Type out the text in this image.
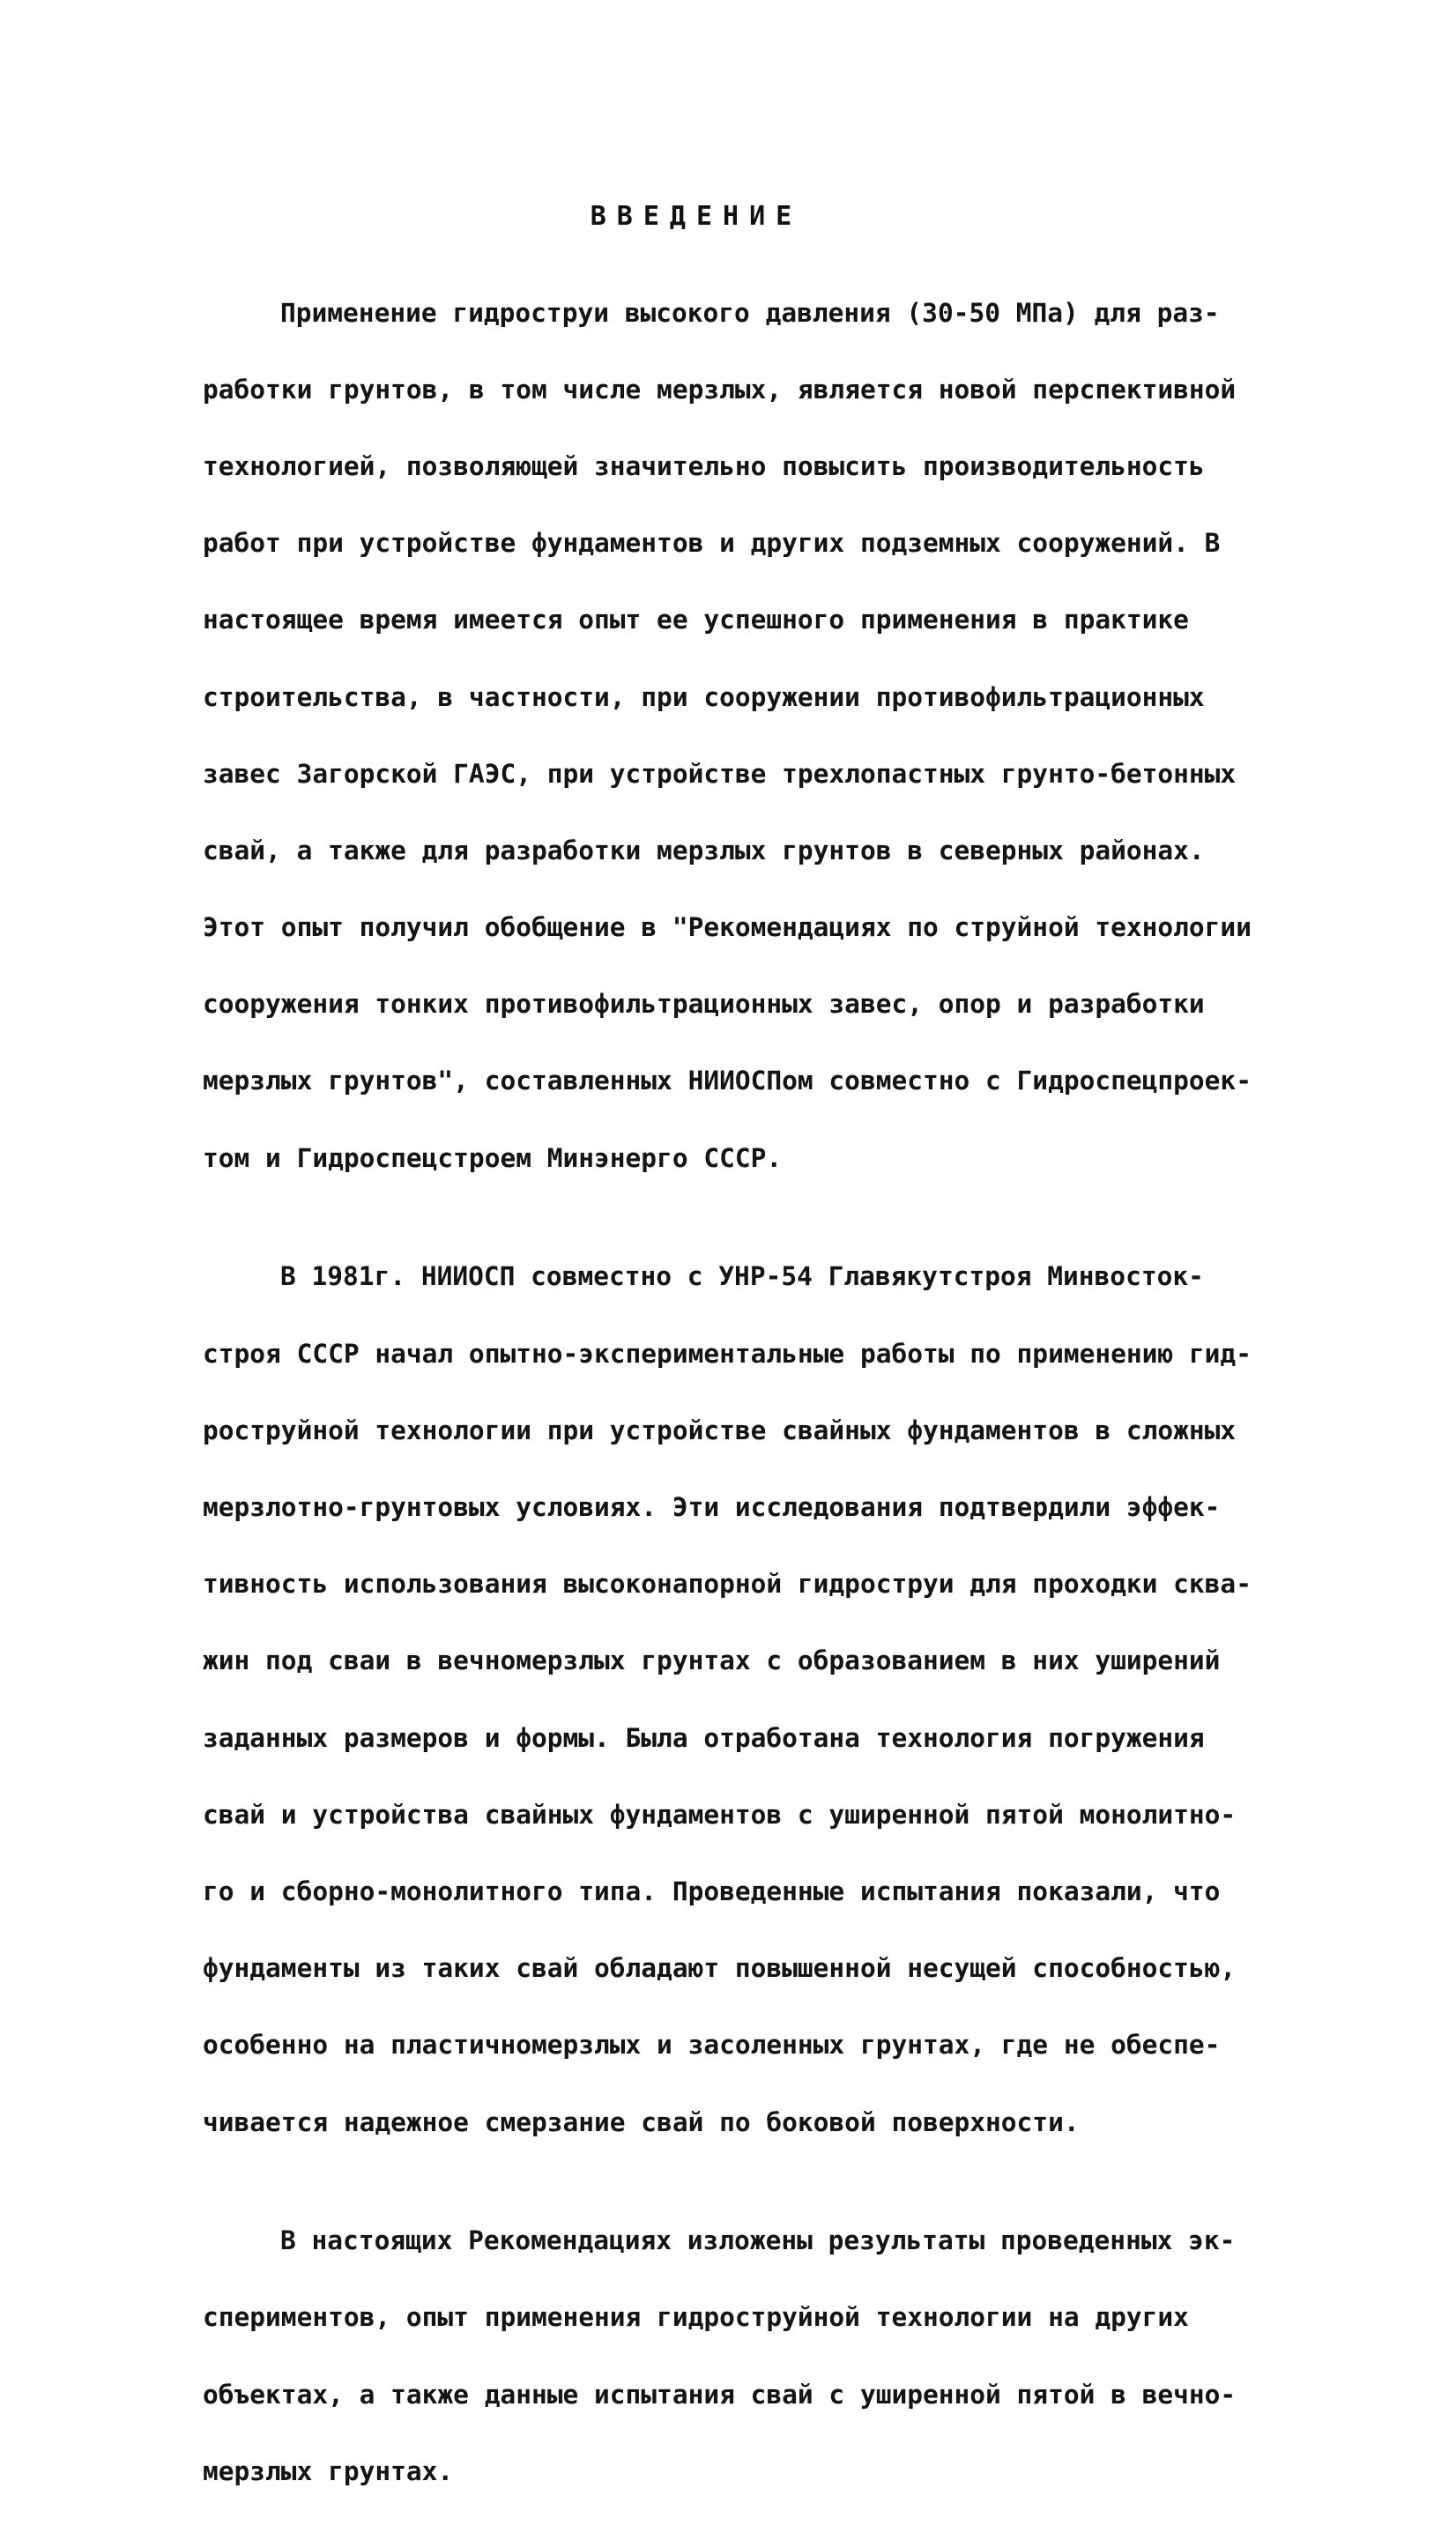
ВВЕДЕНИЕ

Применение гидроструи высокого давления (30-50 МПа) для раз-

работки грунтов, в том числе мерзлых, является новой перспективной

технологией, позволяющей значительно повысить производительность

работ при устройстве фундаментов и других подземных сооружений. В

настоящее время имеется опыт ее успешного применения в практике

строительства, в частности, при сооружении противофильтрационных

завес Загорской ГАЭС, при устройстве трехлопастных грунто-бетонных

свай, а также для разработки мерзлых грунтов в северных районах.

Этот опыт получил обобщение в "Рекомендациях по струйной технологии

сооружения тонких противофильтрационных завес, опор и разработки

мерзлых грунтов", составленных НИИОСПом совместно с Гидроспецпроек-

том и Гидроспецстроем Минэнерго СССР.

В 1981г. НИИОСП совместно с УНР-54 Главякутстроя Минвосток-

строя СССР начал опытно-экспериментальные работы по применению гид-

роструйной технологии при устройстве свайных фундаментов в сложных

мерзлотно-грунтовых условиях. Эти исследования подтвердили эффек-

тивность использования высоконапорной гидроструи для проходки сква-

жин под сваи в вечномерзлых грунтах с образованием в них уширений

заданных размеров и формы. Была отработана технология погружения

свай и устройства свайных фундаментов с уширенной пятой монолитно-

го и сборно-монолитного типа. Проведенные испытания показали, что

фундаменты из таких свай обладают повышенной несущей способностью,

особенно на пластичномерзлых и засоленных грунтах, где не обеспе-

чивается надежное смерзание свай по боковой поверхности.

В настоящих Рекомендациях изложены результаты проведенных эк-

спериментов, опыт применения гидроструйной технологии на других

объектах, а также данные испытания свай с уширенной пятой в вечно-

мерзлых грунтах.
